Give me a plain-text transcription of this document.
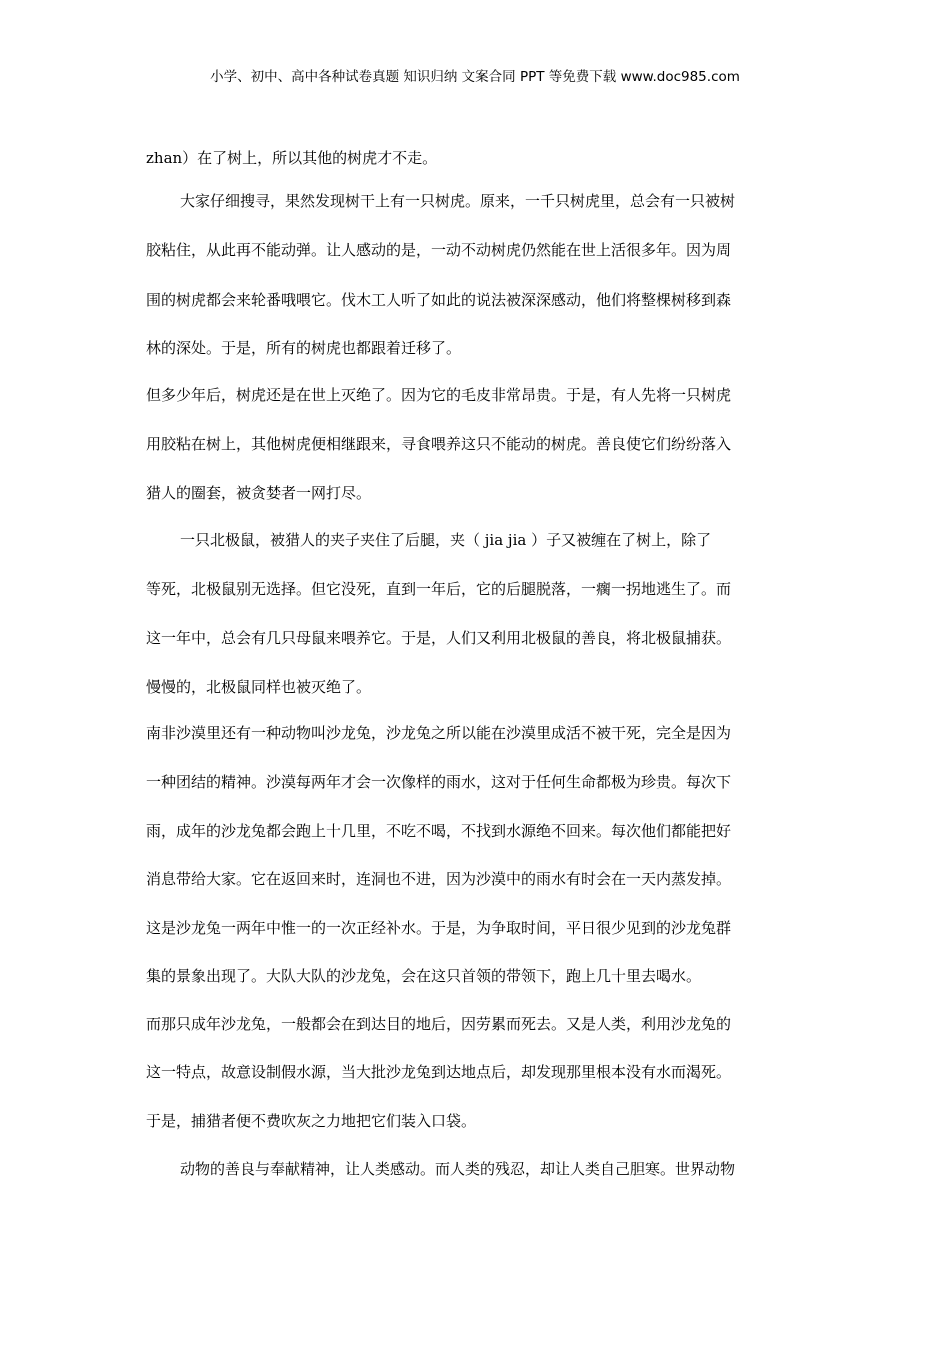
小学、初中、高中各种试卷真题 知识归纳 文案合同 PPT 等免费下载 www.doc985.com
zhan）在了树上，所以其他的树虎才不走。
大家仔细搜寻，果然发现树干上有一只树虎。原来，一千只树虎里，总会有一只被树
胶粘住，从此再不能动弹。让人感动的是，一动不动树虎仍然能在世上活很多年。因为周
围的树虎都会来轮番哦喂它。伐木工人听了如此的说法被深深感动，他们将整棵树移到森
林的深处。于是，所有的树虎也都跟着迁移了。
但多少年后，树虎还是在世上灭绝了。因为它的毛皮非常昂贵。于是，有人先将一只树虎
用胶粘在树上，其他树虎便相继跟来，寻食喂养这只不能动的树虎。善良使它们纷纷落入
猎人的圈套，被贪婪者一网打尽。
一只北极鼠，被猎人的夹子夹住了后腿，夹（ jia jia ）子又被缠在了树上，除了
等死，北极鼠别无选择。但它没死，直到一年后，它的后腿脱落，一瘸一拐地逃生了。而
这一年中，总会有几只母鼠来喂养它。于是，人们又利用北极鼠的善良，将北极鼠捕获。
慢慢的，北极鼠同样也被灭绝了。
南非沙漠里还有一种动物叫沙龙兔，沙龙兔之所以能在沙漠里成活不被干死，完全是因为
一种团结的精神。沙漠每两年才会一次像样的雨水，这对于任何生命都极为珍贵。每次下
雨，成年的沙龙兔都会跑上十几里，不吃不喝，不找到水源绝不回来。每次他们都能把好
消息带给大家。它在返回来时，连洞也不进，因为沙漠中的雨水有时会在一天内蒸发掉。
这是沙龙兔一两年中惟一的一次正经补水。于是，为争取时间，平日很少见到的沙龙兔群
集的景象出现了。大队大队的沙龙兔，会在这只首领的带领下，跑上几十里去喝水。
而那只成年沙龙兔，一般都会在到达目的地后，因劳累而死去。又是人类，利用沙龙兔的
这一特点，故意设制假水源，当大批沙龙兔到达地点后，却发现那里根本没有水而渴死。
于是，捕猎者便不费吹灰之力地把它们装入口袋。
动物的善良与奉献精神，让人类感动。而人类的残忍，却让人类自己胆寒。世界动物
